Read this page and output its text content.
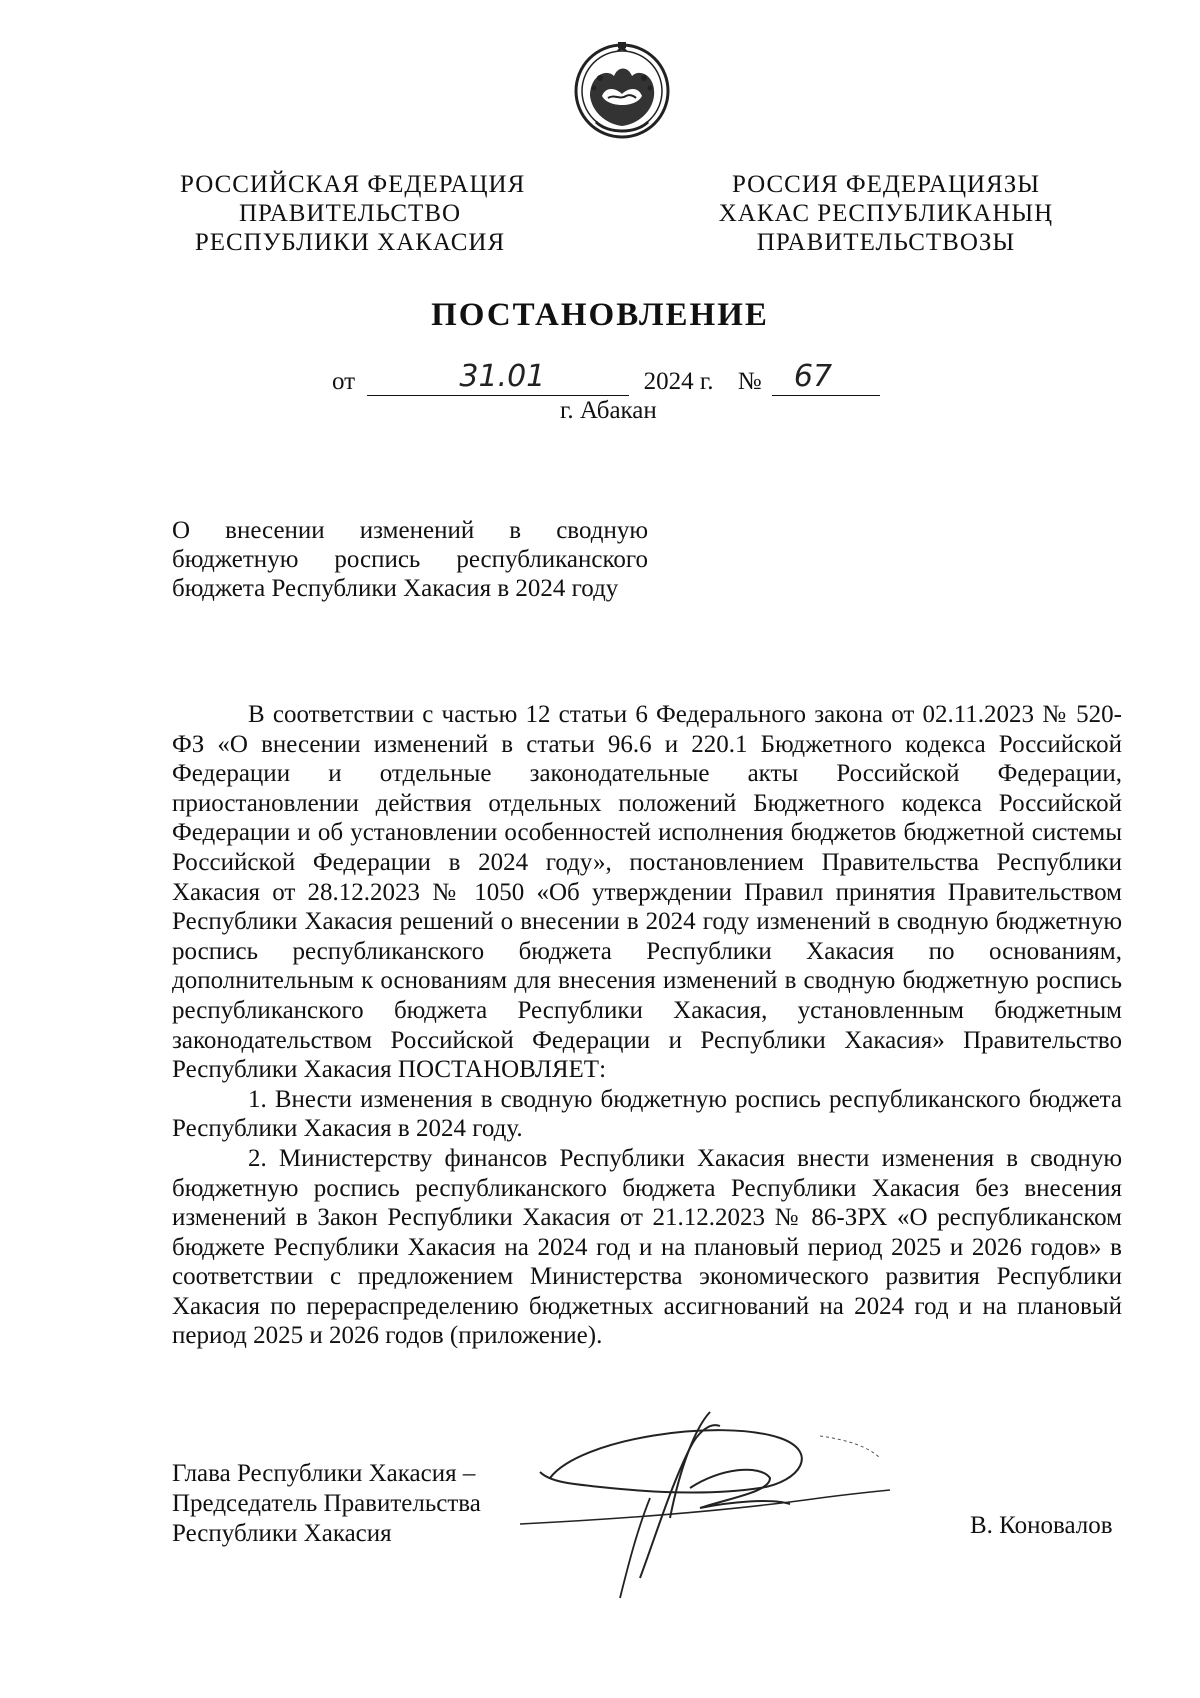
РОССИЙСКАЯ ФЕДЕРАЦИЯ
ПРАВИТЕЛЬСТВО
РЕСПУБЛИКИ ХАКАСИЯ
РОССИЯ ФЕДЕРАЦИЯЗЫ
ХАКАС РЕСПУБЛИКАНЫҢ
ПРАВИТЕЛЬСТВОЗЫ
ПОСТАНОВЛЕНИЕ
от	31.01	2024 г. № 67
г. Абакан
О внесении изменений в сводную бюджетную роспись республиканского бюджета Республики Хакасия в 2024 году

В соответствии с частью 12 статьи 6 Федерального закона от 02.11.2023 № 520-ФЗ «О внесении изменений в статьи 96.6 и 220.1 Бюджетного кодекса Российской Федерации и отдельные законодательные акты Российской Федерации, приостановлении действия отдельных положений Бюджетного кодекса Российской Федерации и об установлении особенностей исполнения бюджетов бюджетной системы Российской Федерации в 2024 году», постановлением Правительства Республики Хакасия от 28.12.2023 № 1050 «Об утверждении Правил принятия Правительством Республики Хакасия решений о внесении в 2024 году изменений в сводную бюджетную роспись республиканского бюджета Республики Хакасия по основаниям, дополнительным к основаниям для внесения изменений в сводную бюджетную роспись республиканского бюджета Республики Хакасия, установленным бюджетным законодательством Российской Федерации и Республики Хакасия» Правительство Республики Хакасия ПОСТАНОВЛЯЕТ:

1. Внести изменения в сводную бюджетную роспись республиканского бюджета Республики Хакасия в 2024 году.

2. Министерству финансов Республики Хакасия внести изменения в сводную бюджетную роспись республиканского бюджета Республики Хакасия без внесения изменений в Закон Республики Хакасия от 21.12.2023 № 86-ЗРХ «О республиканском бюджете Республики Хакасия на 2024 год и на плановый период 2025 и 2026 годов» в соответствии с предложением Министерства экономического развития Республики Хакасия по перераспределению бюджетных ассигнований на 2024 год и на плановый период 2025 и 2026 годов (приложение).

Глава Республики Хакасия –
Председатель Правительства
Республики Хакасия	В. Коновалов
